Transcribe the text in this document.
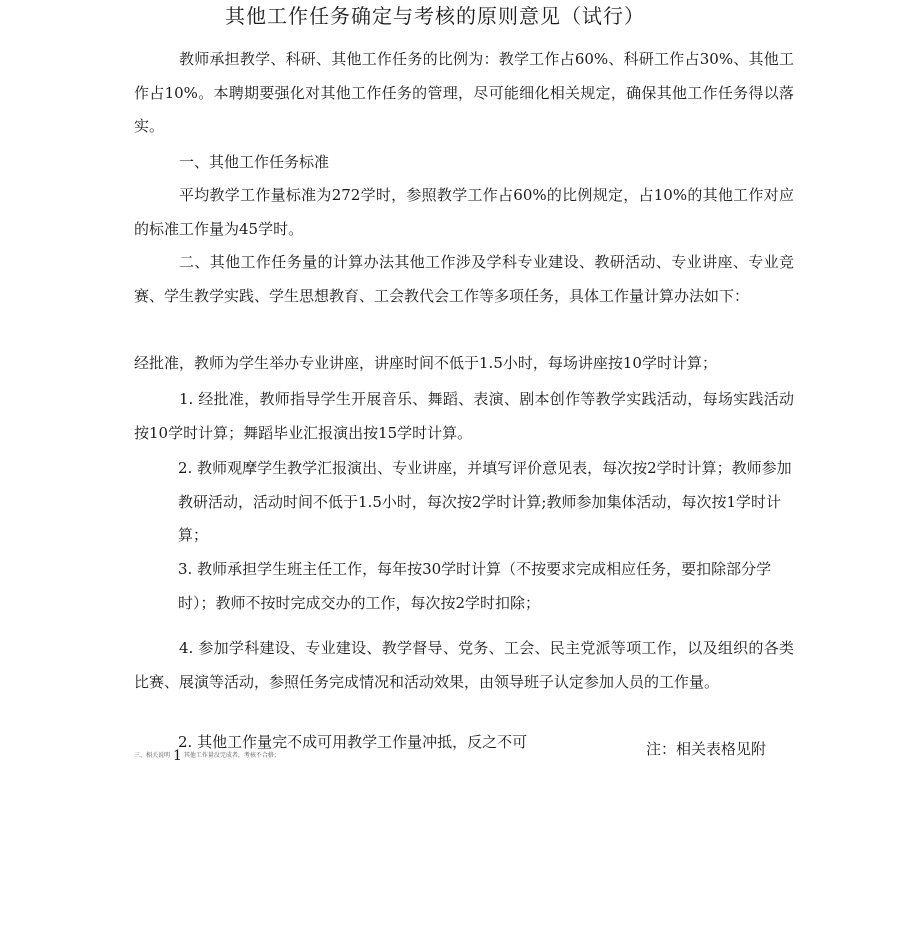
其他工作任务确定与考核的原则意见（试行）
教师承担教学、科研、其他工作任务的比例为：教学工作占60%、科研工作占30%、其他工作占10%。本聘期要强化对其他工作任务的管理，尽可能细化相关规定，确保其他工作任务得以落实。
一、其他工作任务标准
平均教学工作量标准为272学时，参照教学工作占60%的比例规定，占10%的其他工作对应的标准工作量为45学时。
二、其他工作任务量的计算办法其他工作涉及学科专业建设、教研活动、专业讲座、专业竞赛、学生教学实践、学生思想教育、工会教代会工作等多项任务，具体工作量计算办法如下：
经批准，教师为学生举办专业讲座，讲座时间不低于1.5小时，每场讲座按10学时计算；
1. 经批准，教师指导学生开展音乐、舞蹈、表演、剧本创作等教学实践活动，每场实践活动按10学时计算；舞蹈毕业汇报演出按15学时计算。
2. 教师观摩学生教学汇报演出、专业讲座，并填写评价意见表，每次按2学时计算；教师参加教研活动，活动时间不低于1.5小时，每次按2学时计算;教师参加集体活动，每次按1学时计算；
3. 教师承担学生班主任工作，每年按30学时计算（不按要求完成相应任务，要扣除部分学时）；教师不按时完成交办的工作，每次按2学时扣除；
4. 参加学科建设、专业建设、教学督导、党务、工会、民主党派等项工作，以及组织的各类比赛、展演等活动，参照任务完成情况和活动效果，由领导班子认定参加人员的工作量。
2. 其他工作量完不成可用教学工作量冲抵，反之不可	注：相关表格见附
三、相关说明 1 其他工作量没完成者，考核不合格；
